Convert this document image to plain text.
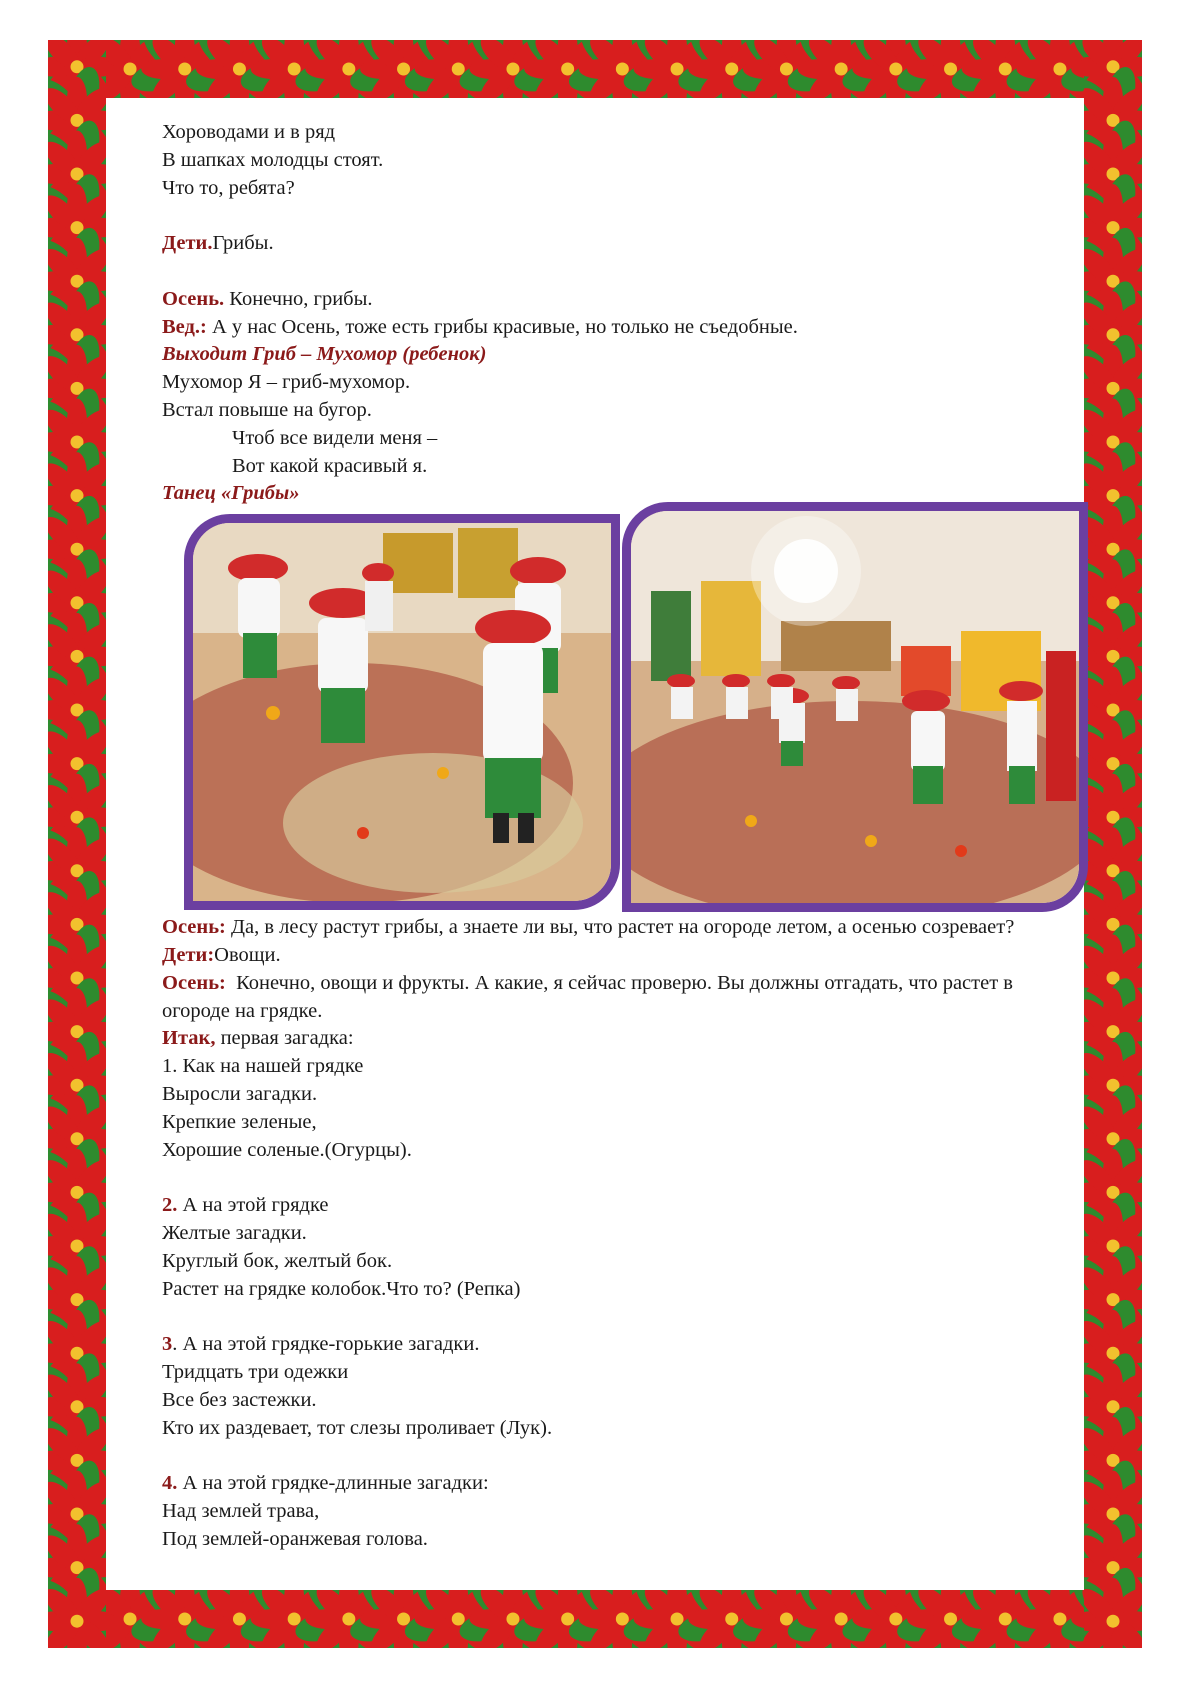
Хороводами и в ряд
В шапках молодцы стоят.
Что то, ребята?
Дети.Грибы.
Осень. Конечно, грибы.
Вед.: А у нас Осень, тоже есть грибы красивые, но только не съедобные.
Выходит Гриб – Мухомор (ребенок)
Мухомор Я – гриб-мухомор.
Встал повыше на бугор.
Чтоб все видели меня –
Вот какой красивый я.
Танец «Грибы»
Осень: Да, в лесу растут грибы, а знаете ли вы, что растет на огороде летом, а осенью созревает?
Дети:Овощи.
Осень:  Конечно, овощи и фрукты. А какие, я сейчас проверю. Вы должны отгадать, что растет в огороде на грядке.
Итак, первая загадка:
1. Как на нашей грядке
Выросли загадки.
Крепкие зеленые,
Хорошие соленые.(Огурцы).
2. А на этой грядке
Желтые загадки.
Круглый бок, желтый бок.
Растет на грядке колобок.Что то? (Репка)
3. А на этой грядке-горькие загадки.
Тридцать три одежки
Все без застежки.
Кто их раздевает, тот слезы проливает (Лук).
4. А на этой грядке-длинные загадки:
Над землей трава,
Под землей-оранжевая голова.
